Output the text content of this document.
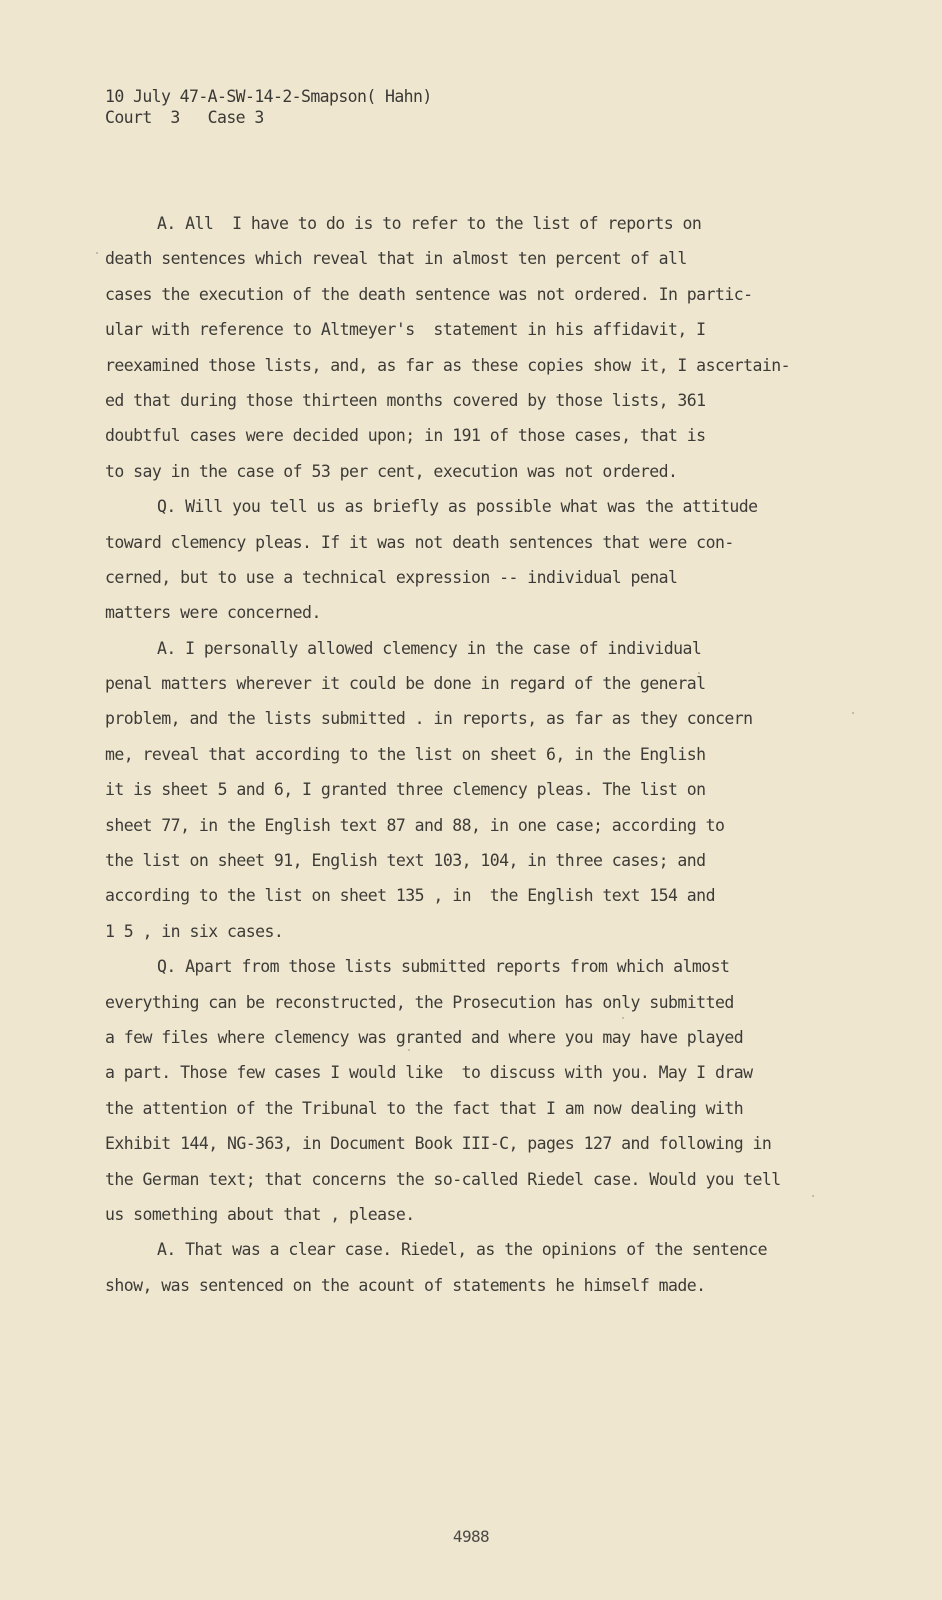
10 July 47-A-SW-14-2-Smapson( Hahn)
Court  3   Case 3
A. All  I have to do is to refer to the list of reports on
death sentences which reveal that in almost ten percent of all
cases the execution of the death sentence was not ordered. In partic-
ular with reference to Altmeyer's  statement in his affidavit, I
reexamined those lists, and, as far as these copies show it, I ascertain-
ed that during those thirteen months covered by those lists, 361
doubtful cases were decided upon; in 191 of those cases, that is
to say in the case of 53 per cent, execution was not ordered.
Q. Will you tell us as briefly as possible what was the attitude
toward clemency pleas. If it was not death sentences that were con-
cerned, but to use a technical expression -- individual penal
matters were concerned.
A. I personally allowed clemency in the case of individual
penal matters wherever it could be done in regard of the general
problem, and the lists submitted . in reports, as far as they concern
me, reveal that according to the list on sheet 6, in the English
it is sheet 5 and 6, I granted three clemency pleas. The list on
sheet 77, in the English text 87 and 88, in one case; according to
the list on sheet 91, English text 103, 104, in three cases; and
according to the list on sheet 135 , in  the English text 154 and
1 5 , in six cases.
Q. Apart from those lists submitted reports from which almost
everything can be reconstructed, the Prosecution has only submitted
a few files where clemency was granted and where you may have played
a part. Those few cases I would like  to discuss with you. May I draw
the attention of the Tribunal to the fact that I am now dealing with
Exhibit 144, NG-363, in Document Book III-C, pages 127 and following in
the German text; that concerns the so-called Riedel case. Would you tell
us something about that , please.
A. That was a clear case. Riedel, as the opinions of the sentence
show, was sentenced on the acount of statements he himself made.
4988
